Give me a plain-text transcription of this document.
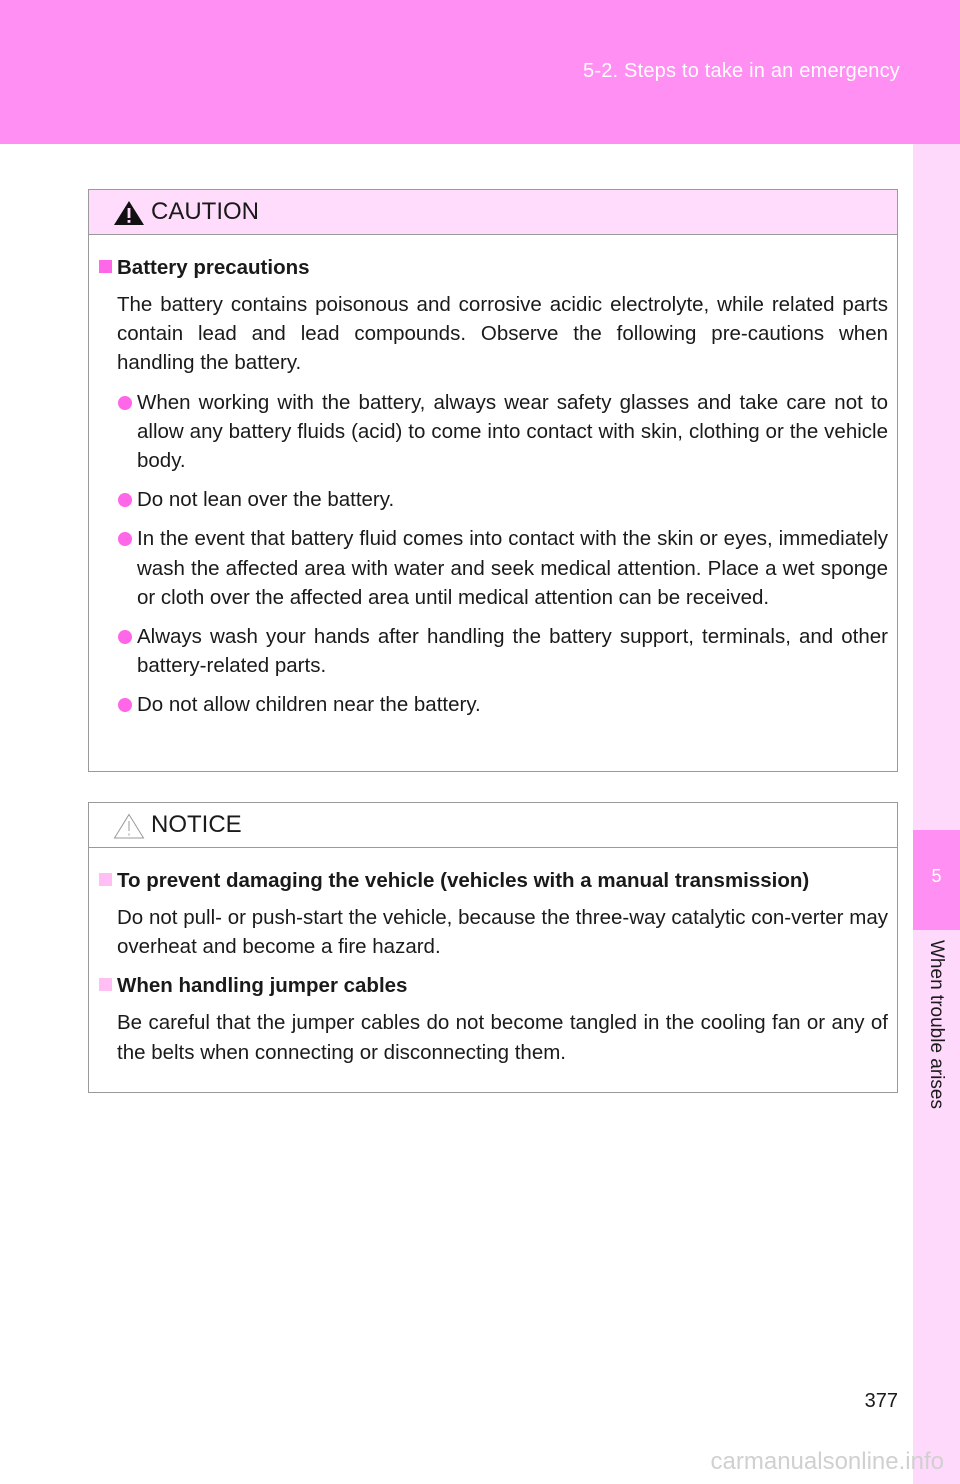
5-2. Steps to take in an emergency
5
When trouble arises
CAUTION
Battery precautions
The battery contains poisonous and corrosive acidic electrolyte, while related parts contain lead and lead compounds. Observe the following pre-cautions when handling the battery.
When working with the battery, always wear safety glasses and take care not to allow any battery fluids (acid) to come into contact with skin, clothing or the vehicle body.
Do not lean over the battery.
In the event that battery fluid comes into contact with the skin or eyes, immediately wash the affected area with water and seek medical attention. Place a wet sponge or cloth over the affected area until medical attention can be received.
Always wash your hands after handling the battery support, terminals, and other battery-related parts.
Do not allow children near the battery.
NOTICE
To prevent damaging the vehicle (vehicles with a manual transmission)
Do not pull- or push-start the vehicle, because the three-way catalytic con-verter may overheat and become a fire hazard.
When handling jumper cables
Be careful that the jumper cables do not become tangled in the cooling fan or any of the belts when connecting or disconnecting them.
377
carmanualsonline.info
